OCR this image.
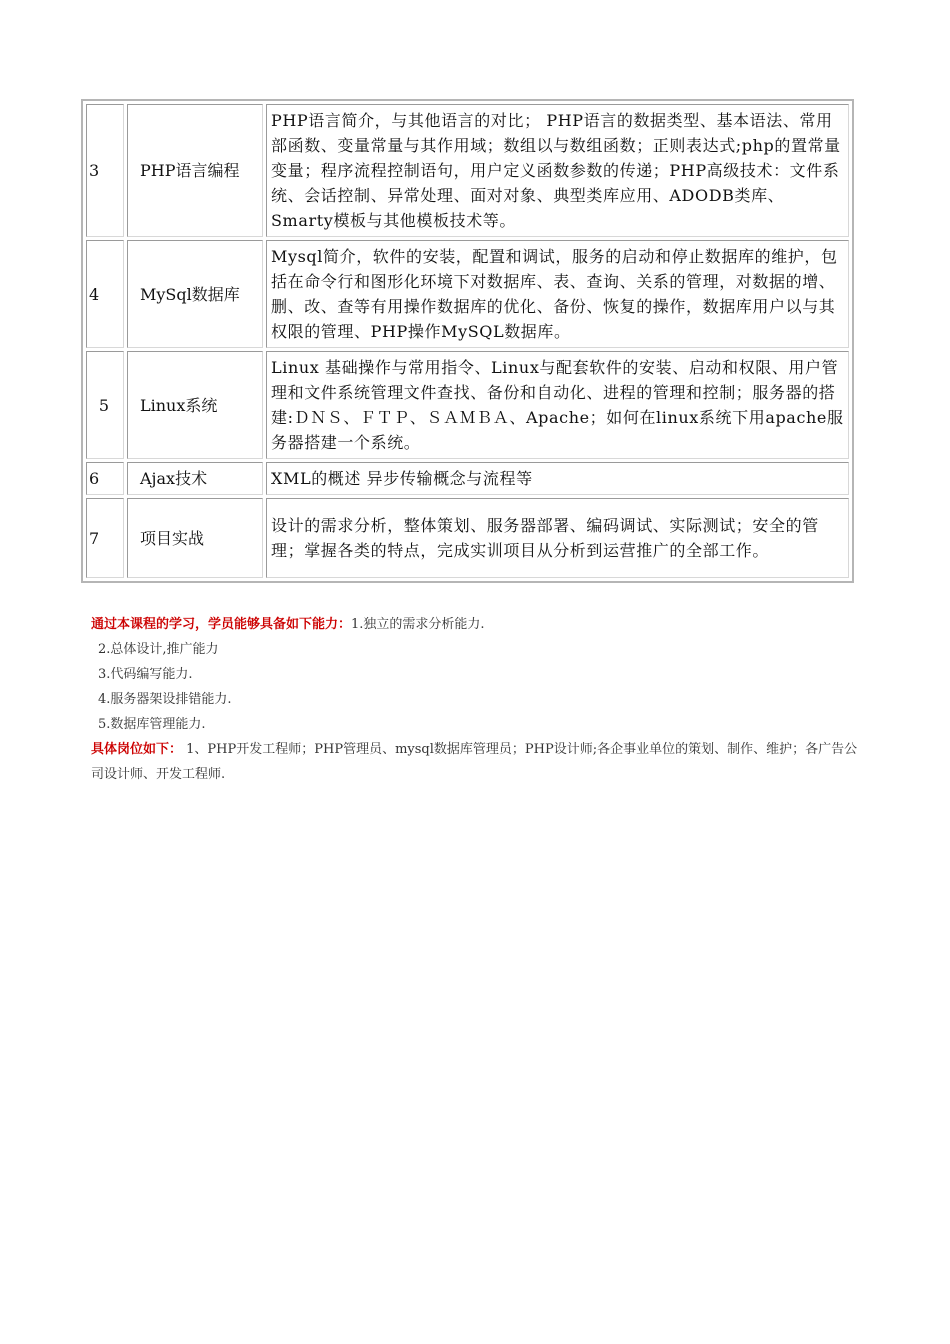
3	PHP语言编程	PHP语言简介，与其他语言的对比； PHP语言的数据类型、基本语法、常用部函数、变量常量与其作用域；数组以与数组函数；正则表达式;php的置常量变量；程序流程控制语句，用户定义函数参数的传递；PHP高级技术：文件系统、会话控制、异常处理、面对对象、典型类库应用、ADODB类库、Smarty模板与其他模板技术等。
4	MySql数据库	Mysql简介，软件的安装，配置和调试，服务的启动和停止数据库的维护，包括在命令行和图形化环境下对数据库、表、查询、关系的管理，对数据的增、删、改、查等有用操作数据库的优化、备份、恢复的操作，数据库用户以与其权限的管理、PHP操作MySQL数据库。
5	Linux系统	Linux 基础操作与常用指令、Linux与配套软件的安装、启动和权限、用户管理和文件系统管理文件查找、备份和自动化、进程的管理和控制；服务器的搭建:ＤＮＳ、ＦＴＰ、ＳＡＭＢＡ、Apache；如何在linux系统下用apache服务器搭建一个系统。
6	Ajax技术	XML的概述 异步传输概念与流程等
7	项目实战	设计的需求分析，整体策划、服务器部署、编码调试、实际测试；安全的管理；掌握各类的特点，完成实训项目从分析到运营推广的全部工作。
通过本课程的学习，学员能够具备如下能力：1.独立的需求分析能力.
2.总体设计,推广能力
3.代码编写能力.
4.服务器架设排错能力.
5.数据库管理能力.
具体岗位如下： 1、PHP开发工程师；PHP管理员、mysql数据库管理员；PHP设计师;各企事业单位的策划、制作、维护；各广告公司设计师、开发工程师.
